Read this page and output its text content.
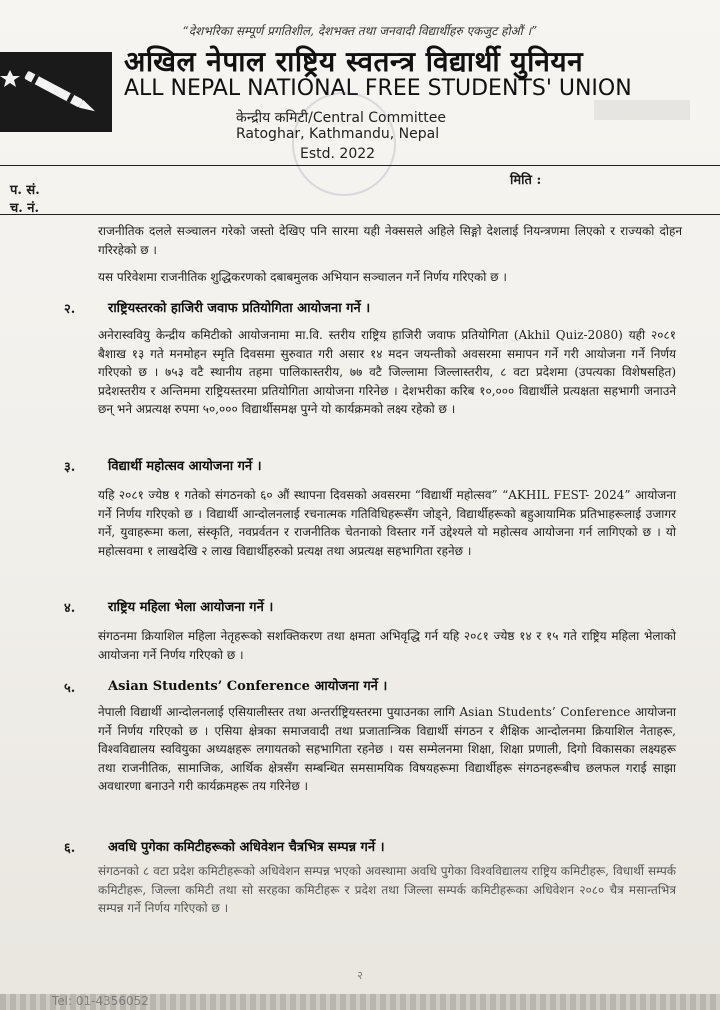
“देशभरिका सम्पूर्ण प्रगतिशील, देशभक्त तथा जनवादी विद्यार्थीहरु एकजुट होऔं ।”
अखिल नेपाल राष्ट्रिय स्वतन्त्र विद्यार्थी युनियन
ALL NEPAL NATIONAL FREE STUDENTS' UNION
केन्द्रीय कमिटी/Central Committee
Ratoghar, Kathmandu, Nepal
Estd. 2022
प. सं.
मिति :
च. नं.
राजनीतिक दलले सञ्चालन गरेको जस्तो देखिए पनि सारमा यही नेक्ससले अहिले सिङ्गो देशलाई नियन्त्रणमा लिएको र राज्यको दोहन गरिरहेको छ ।
यस परिवेशमा राजनीतिक शुद्धिकरणको दबाबमुलक अभियान सञ्चालन गर्ने निर्णय गरिएको छ ।
२.	राष्ट्रियस्तरको हाजिरी जवाफ प्रतियोगिता आयोजना गर्ने ।
अनेरास्ववियु केन्द्रीय कमिटीको आयोजनामा मा.वि. स्तरीय राष्ट्रिय हाजिरी जवाफ प्रतियोगिता (Akhil Quiz-2080) यही २०८१ बैशाख १३ गते मनमोहन स्मृति दिवसमा सुरुवात गरी असार १४ मदन जयन्तीको अवसरमा समापन गर्ने गरी आयोजना गर्ने निर्णय गरिएको छ । ७५३ वटै स्थानीय तहमा पालिकास्तरीय, ७७ वटै जिल्लामा जिल्लास्तरीय, ८ वटा प्रदेशमा (उपत्यका विशेषसहित) प्रदेशस्तरीय र अन्तिममा राष्ट्रियस्तरमा प्रतियोगिता आयोजना गरिनेछ । देशभरीका करिब १०,००० विद्यार्थीले प्रत्यक्षता सहभागी जनाउने छन् भने अप्रत्यक्ष रुपमा ५०,००० विद्यार्थीसमक्ष पुग्ने यो कार्यक्रमको लक्ष्य रहेको छ ।
३.	विद्यार्थी महोत्सव आयोजना गर्ने ।
यहि २०८१ ज्येष्ठ १ गतेको संगठनको ६० औं स्थापना दिवसको अवसरमा “विद्यार्थी महोत्सव” “AKHIL FEST- 2024” आयोजना गर्ने निर्णय गरिएको छ । विद्यार्थी आन्दोलनलाई रचनात्मक गतिविधिहरूसँग जोड्ने, विद्यार्थीहरूको बहुआयामिक प्रतिभाहरूलाई उजागर गर्ने, युवाहरूमा कला, संस्कृति, नवप्रर्वतन र राजनीतिक चेतनाको विस्तार गर्ने उद्देश्यले यो महोत्सव आयोजना गर्न लागिएको छ । यो महोत्सवमा १ लाखदेखि २ लाख विद्यार्थीहरुको प्रत्यक्ष तथा अप्रत्यक्ष सहभागिता रहनेछ ।
४.	राष्ट्रिय महिला भेला आयोजना गर्ने ।
संगठनमा क्रियाशिल महिला नेतृहरूको सशक्तिकरण तथा क्षमता अभिवृद्धि गर्न यहि २०८१ ज्येष्ठ १४ र १५ गते राष्ट्रिय महिला भेलाको आयोजना गर्ने निर्णय गरिएको छ ।
५.	Asian Students’ Conference आयोजना गर्ने ।
नेपाली विद्यार्थी आन्दोलनलाई एसियालीस्तर तथा अन्तर्राष्ट्रियस्तरमा पुयाउनका लागि Asian Students’ Conference आयोजना गर्ने निर्णय गरिएको छ । एसिया क्षेत्रका समाजवादी तथा प्रजातान्त्रिक विद्यार्थी संगठन र शैक्षिक आन्दोलनमा क्रियाशिल नेताहरू, विश्वविद्यालय स्ववियुका अध्यक्षहरू लगायतको सहभागिता रहनेछ । यस सम्मेलनमा शिक्षा, शिक्षा प्रणाली, दिगो विकासका लक्ष्यहरू तथा राजनीतिक, सामाजिक, आर्थिक क्षेत्रसँग सम्बन्धित समसामयिक विषयहरूमा विद्यार्थीहरू संगठनहरूबीच छलफल गराई साझा अवधारणा बनाउने गरी कार्यक्रमहरू तय गरिनेछ ।
६.	अवधि पुगेका कमिटीहरूको अधिवेशन चैत्रभित्र सम्पन्न गर्ने ।
संगठनको ८ वटा प्रदेश कमिटीहरूको अधिवेशन सम्पन्न भएको अवस्थामा अवधि पुगेका विश्वविद्यालय राष्ट्रिय कमिटीहरू, विधार्थी सम्पर्क कमिटीहरू, जिल्ला कमिटी तथा सो सरहका कमिटीहरू र प्रदेश तथा जिल्ला सम्पर्क कमिटीहरूका अधिवेशन २०८० चैत्र मसान्तभित्र सम्पन्न गर्ने निर्णय गरिएको छ ।
२
Tel: 01-4356052
